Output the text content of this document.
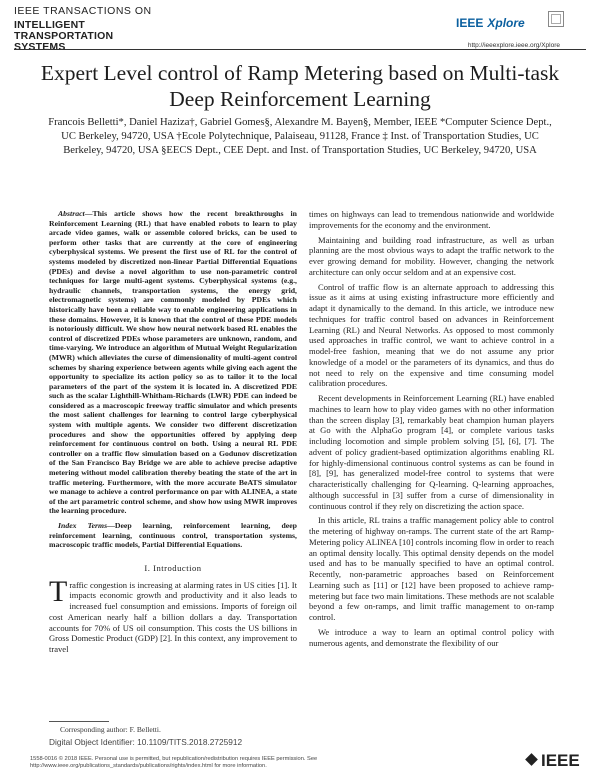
IEEE TRANSACTIONS ON
INTELLIGENT TRANSPORTATION SYSTEMS
IEEE Xplore
http://ieeexplore.ieee.org/Xplore
Expert Level control of Ramp Metering based on Multi-task Deep Reinforcement Learning
Francois Belletti*, Daniel Haziza†, Gabriel Gomes§, Alexandre M. Bayen§, Member, IEEE *Computer Science Dept., UC Berkeley, 94720, USA †Ecole Polytechnique, Palaiseau, 91128, France ‡ Inst. of Transportation Studies, UC Berkeley, 94720, USA §EECS Dept., CEE Dept. and Inst. of Transportation Studies, UC Berkeley, 94720, USA

Abstract—This article shows how the recent breakthroughs in Reinforcement Learning (RL) that have enabled robots to learn to play arcade video games, walk or assemble colored bricks, can be used to perform other tasks that are currently at the core of engineering cyberphysical systems. We present the first use of RL for the control of systems modeled by discretized non-linear Partial Differential Equations (PDEs) and devise a novel algorithm to use non-parametric control techniques for large multi-agent systems. Cyberphysical systems (e.g., hydraulic channels, transportation systems, the energy grid, electromagnetic systems) are commonly modeled by PDEs which historically have been a reliable way to enable engineering applications in these domains. However, it is known that the control of these PDE models is notoriously difficult. We show how neural network based RL enables the control of discretized PDEs whose parameters are unknown, random, and time-varying. We introduce an algorithm of Mutual Weight Regularization (MWR) which alleviates the curse of dimensionality of multi-agent control schemes by sharing experience between agents while giving each agent the opportunity to specialize its action policy so as to tailor it to the local parameters of the part of the system it is located in. A discretized PDE such as the scalar Lighthill-Whitham-Richards (LWR) PDE can indeed be considered as a macroscopic freeway traffic simulator and which presents the most salient challenges for learning to control large cyberphysical system with multiple agents. We consider two different discretization procedures and show the opportunities offered by applying deep reinforcement for continuous control on both. Using a neural RL PDE controller on a traffic flow simulation based on a Godunov discretization of the San Francisco Bay Bridge we are able to achieve precise adaptive metering without model calibration thereby beating the state of the art in traffic metering. Furthermore, with the more accurate BeATS simulator we manage to achieve a control performance on par with ALINEA, a state of the art parametric control scheme, and show how using MWR improves the learning procedure.

Index Terms—Deep learning, reinforcement learning, deep reinforcement learning, continuous control, transportation systems, macroscopic traffic models, Partial Differential Equations.

I. Introduction

Traffic congestion is increasing at alarming rates in US cities [1]. It impacts economic growth and productivity and it also leads to increased fuel consumption and emissions. Imports of foreign oil cost American nearly half a billion dollars a day. Transportation accounts for 70% of US oil consumption. This costs the US billions in Gross Domestic Product (GDP) [2]. In this context, any improvement to travel

times on highways can lead to tremendous nationwide and worldwide improvements for the economy and the environment.

Maintaining and building road infrastructure, as well as urban planning are the most obvious ways to adapt the traffic network to the ever growing demand for mobility. However, changing the network architecture can only occur seldom and at an expensive cost.

Control of traffic flow is an alternate approach to addressing this issue as it aims at using existing infrastructure more efficiently and adapt it dynamically to the demand. In this article, we introduce new techniques for traffic control based on advances in Reinforcement Learning (RL) and Neural Networks. As opposed to most commonly used approaches in traffic control, we want to achieve control in a model-free fashion, meaning that we do not assume any prior knowledge of a model or the parameters of its dynamics, and thus do not need to rely on the expensive and time consuming model calibration procedures.

Recent developments in Reinforcement Learning (RL) have enabled machines to learn how to play video games with no other information than the screen display [3], remarkably beat champion human players at Go with the AlphaGo program [4], or complete various tasks including locomotion and simple problem solving [5], [6], [7]. The advent of policy gradient-based optimization algorithms enabling RL for highly-dimensional continuous control systems as can be found in [8], [9], has generalized model-free control to systems that were characteristically challenging for Q-learning. Q-learning approaches, although successful in [3] suffer from a curse of dimensionality in continuous control if they rely on discretizing the action space.

In this article, RL trains a traffic management policy able to control the metering of highway on-ramps. The current state of the art Ramp-Metering policy ALINEA [10] controls incoming flow in order to reach an optimal density locally. This optimal density depends on the model used and has to be manually specified to have an optimal control. Recently, non-parametric approaches based on Reinforcement Learning such as [11] or [12] have been proposed to achieve ramp-metering but face two main limitations. These methods are not scalable beyond a few on-ramps, and limit traffic management to on-ramp control.

We introduce a way to learn an optimal control policy with numerous agents, and demonstrate the flexibility of our

Corresponding author: F. Belletti.
Digital Object Identifier: 10.1109/TITS.2018.2725912
1558-0016 © 2018 IEEE. Personal use is permitted, but republication/redistribution requires IEEE permission. See http://www.ieee.org/publications_standards/publications/rights/index.html for more information.	IEEE
